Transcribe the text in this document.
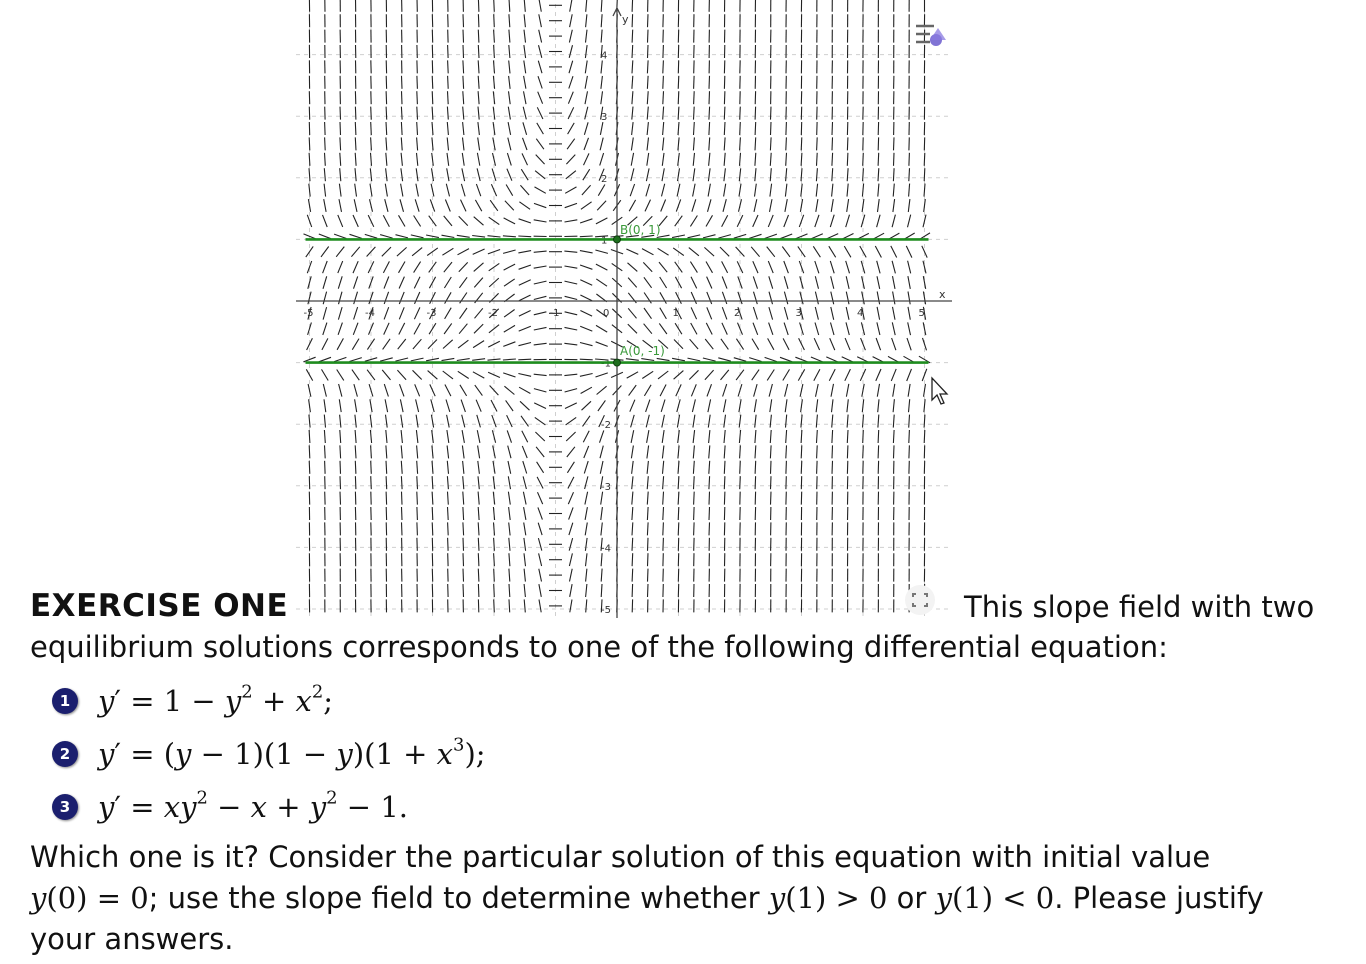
-5	-4	-3	-2	-1	0	1	2	3	4	5
-5
-4
-3
-2
-1
1
2
3
4
x
y
B(0, 1)
A(0, -1)
EXERCISE ONE	This slope field with two
equilibrium solutions corresponds to one of the following differential equation:
1 $y' = 1 - y^2 + x^2$;
2 $y' = (y - 1)(1 - y)(1 + x^3)$;
3 $y' = xy^2 - x + y^2 - 1$.
Which one is it? Consider the particular solution of this equation with initial value
y(0) = 0; use the slope field to determine whether y(1) > 0 or y(1) < 0. Please justify
your answers.
